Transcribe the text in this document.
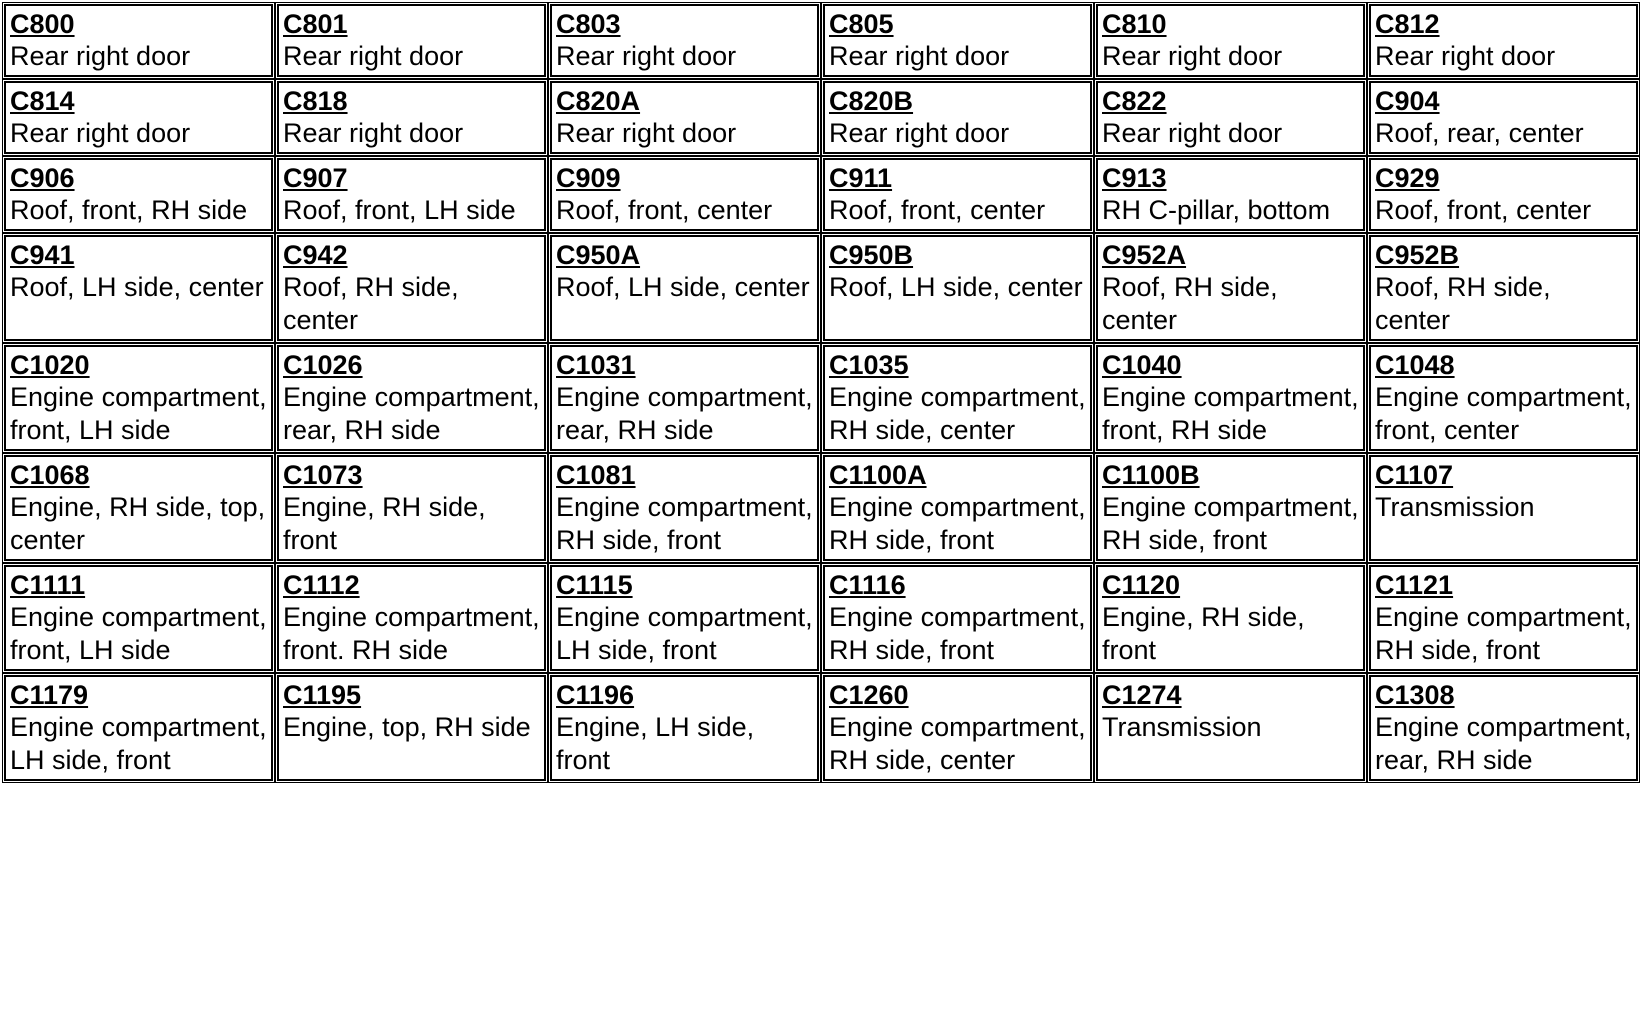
C800
Rear right door	C801
Rear right door	C803
Rear right door	C805
Rear right door	C810
Rear right door	C812
Rear right door

C814
Rear right door	C818
Rear right door	C820A
Rear right door	C820B
Rear right door	C822
Rear right door	C904
Roof, rear, center

C906
Roof, front, RH side	C907
Roof, front, LH side	C909
Roof, front, center	C911
Roof, front, center	C913
RH C-pillar, bottom	C929
Roof, front, center

C941
Roof, LH side, center	C942
Roof, RH side, center	C950A
Roof, LH side, center	C950B
Roof, LH side, center	C952A
Roof, RH side, center	C952B
Roof, RH side, center

C1020
Engine compartment, front, LH side	C1026
Engine compartment, rear, RH side	C1031
Engine compartment, rear, RH side	C1035
Engine compartment, RH side, center	C1040
Engine compartment, front, RH side	C1048
Engine compartment, front, center

C1068
Engine, RH side, top, center	C1073
Engine, RH side, front	C1081
Engine compartment, RH side, front	C1100A
Engine compartment, RH side, front	C1100B
Engine compartment, RH side, front	C1107
Transmission

C1111
Engine compartment, front, LH side	C1112
Engine compartment, front. RH side	C1115
Engine compartment, LH side, front	C1116
Engine compartment, RH side, front	C1120
Engine, RH side, front	C1121
Engine compartment, RH side, front

C1179
Engine compartment, LH side, front	C1195
Engine, top, RH side	C1196
Engine, LH side, front	C1260
Engine compartment, RH side, center	C1274
Transmission	C1308
Engine compartment, rear, RH side
